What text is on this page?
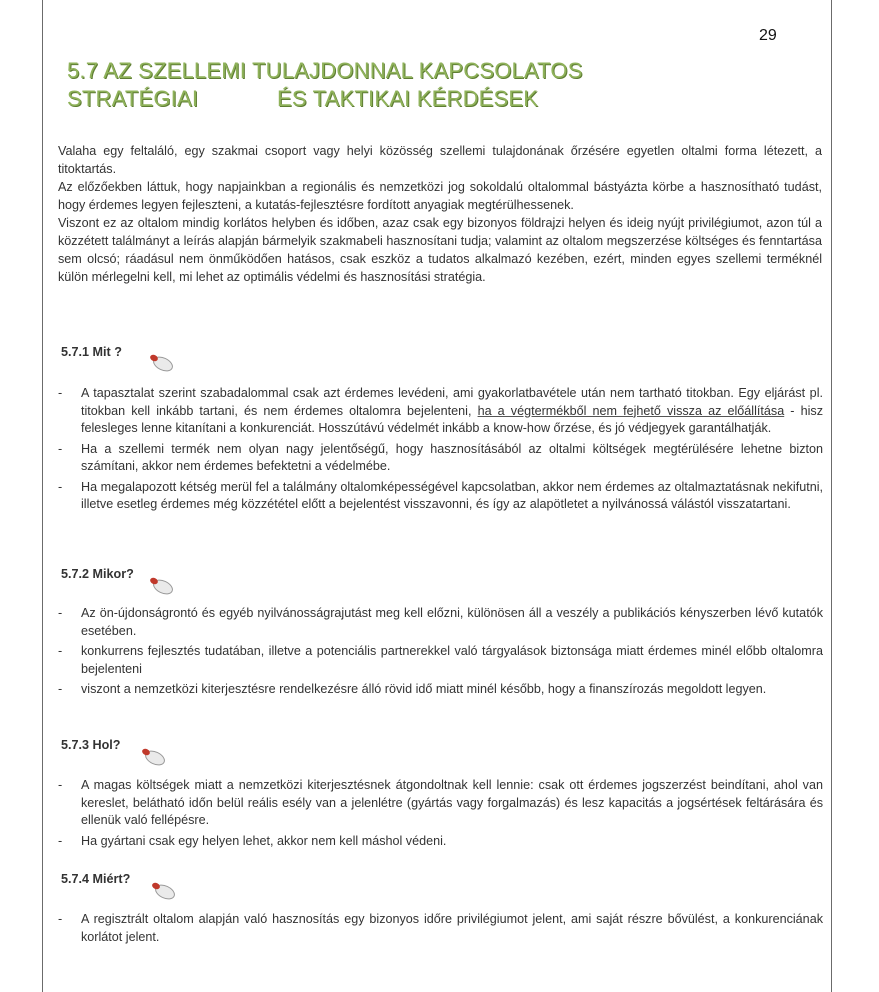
29
5.7 AZ SZELLEMI TULAJDONNAL KAPCSOLATOS
STRATÉGIAI	ÉS TAKTIKAI KÉRDÉSEK

Valaha egy feltaláló, egy szakmai csoport vagy helyi közösség szellemi tulajdonának őrzésére egyetlen oltalmi forma létezett, a titoktartás.

Az előzőekben láttuk, hogy napjainkban a regionális és nemzetközi jog sokoldalú oltalommal bástyázta körbe a hasznosítható tudást, hogy érdemes legyen fejleszteni, a kutatás-fejlesztésre fordított anyagiak megtérülhessenek.

Viszont ez az oltalom mindig korlátos helyben és időben, azaz csak egy bizonyos földrajzi helyen és ideig nyújt privilégiumot, azon túl a közzétett találmányt a leírás alapján bármelyik szakmabeli hasznosítani tudja; valamint az oltalom megszerzése költséges és fenntartása sem olcsó; ráadásul nem önműködően hatásos, csak eszköz a tudatos alkalmazó kezében, ezért, minden egyes szellemi terméknél külön mérlegelni kell, mi lehet az optimális védelmi és hasznosítási stratégia.

5.7.1 Mit ?
- A tapasztalat szerint szabadalommal csak azt érdemes levédeni, ami gyakorlatbavétele után nem tartható titokban. Egy eljárást pl. titokban kell inkább tartani, és nem érdemes oltalomra bejelenteni, ha a végtermékből nem fejhető vissza az előállítása - hisz felesleges lenne kitanítani a konkurenciát. Hosszútávú védelmét inkább a know-how őrzése, és jó védjegyek garantálhatják.
- Ha a szellemi termék nem olyan nagy jelentőségű, hogy hasznosításából az oltalmi költségek megtérülésére lehetne bizton számítani, akkor nem érdemes befektetni a védelmébe.
- Ha megalapozott kétség merül fel a találmány oltalomképességével kapcsolatban, akkor nem érdemes az oltalmaztatásnak nekifutni, illetve esetleg érdemes még közzététel előtt a bejelentést visszavonni, és így az alapötletet a nyilvánossá válástól visszatartani.
5.7.2 Mikor?
- Az ön-újdonságrontó és egyéb nyilvánosságrajutást meg kell előzni, különösen áll a veszély a publikációs kényszerben lévő kutatók esetében.
- konkurrens fejlesztés tudatában, illetve a potenciális partnerekkel való tárgyalások biztonsága miatt érdemes minél előbb oltalomra bejelenteni
- viszont a nemzetközi kiterjesztésre rendelkezésre álló rövid idő miatt minél később, hogy a finanszírozás megoldott legyen.
5.7.3 Hol?
- A magas költségek miatt a nemzetközi kiterjesztésnek átgondoltnak kell lennie: csak ott érdemes jogszerzést beindítani, ahol van kereslet, belátható időn belül reális esély van a jelenlétre (gyártás vagy forgalmazás) és lesz kapacitás a jogsértések feltárására és ellenük való fellépésre.
- Ha gyártani csak egy helyen lehet, akkor nem kell máshol védeni.
5.7.4 Miért?
- A regisztrált oltalom alapján való hasznosítás egy bizonyos időre privilégiumot jelent, ami saját részre bővülést, a konkurenciának korlátot jelent.
